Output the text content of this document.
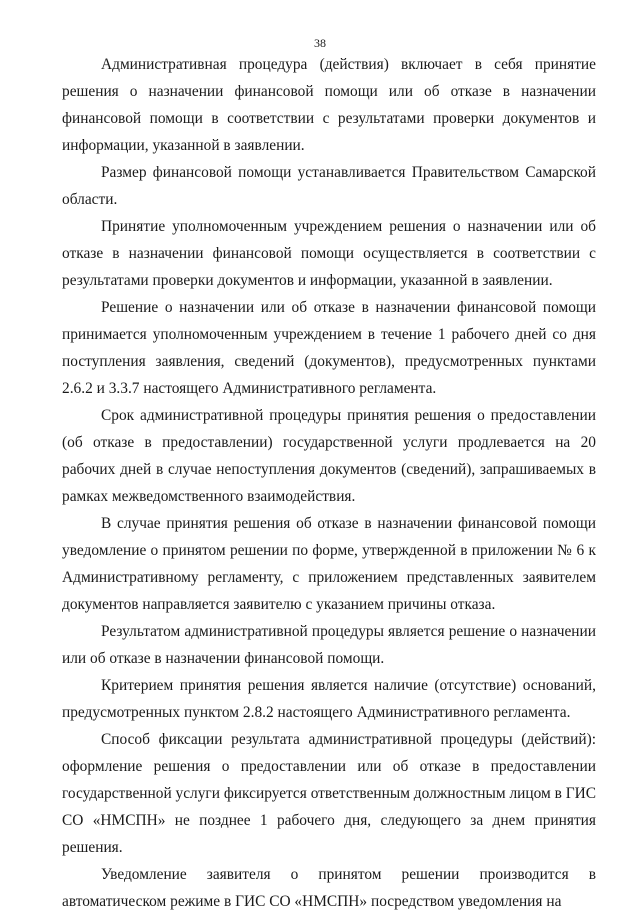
38

Административная процедура (действия) включает в себя принятие решения о назначении финансовой помощи или об отказе в назначении финансовой помощи в соответствии с результатами проверки документов и информации, указанной в заявлении.

Размер финансовой помощи устанавливается Правительством Самарской области.

Принятие уполномоченным учреждением решения о назначении или об отказе в назначении финансовой помощи осуществляется в соответствии с результатами проверки документов и информации, указанной в заявлении.

Решение о назначении или об отказе в назначении финансовой помощи принимается уполномоченным учреждением в течение 1 рабочего дней со дня поступления заявления, сведений (документов), предусмотренных пунктами 2.6.2 и 3.3.7 настоящего Административного регламента.

Срок административной процедуры принятия решения о предоставлении (об отказе в предоставлении) государственной услуги продлевается на 20 рабочих дней в случае непоступления документов (сведений), запрашиваемых в рамках межведомственного взаимодействия.

В случае принятия решения об отказе в назначении финансовой помощи уведомление о принятом решении по форме, утвержденной в приложении № 6 к Административному регламенту, с приложением представленных заявителем документов направляется заявителю с указанием причины отказа.

Результатом административной процедуры является решение о назначении или об отказе в назначении финансовой помощи.

Критерием принятия решения является наличие (отсутствие) оснований, предусмотренных пунктом 2.8.2 настоящего Административного регламента.

Способ фиксации результата административной процедуры (действий): оформление решения о предоставлении или об отказе в предоставлении государственной услуги фиксируется ответственным должностным лицом в ГИС СО «НМСПН» не позднее 1 рабочего дня, следующего за днем принятия решения.

Уведомление заявителя о принятом решении производится в автоматическом режиме в ГИС СО «НМСПН» посредством уведомления на
